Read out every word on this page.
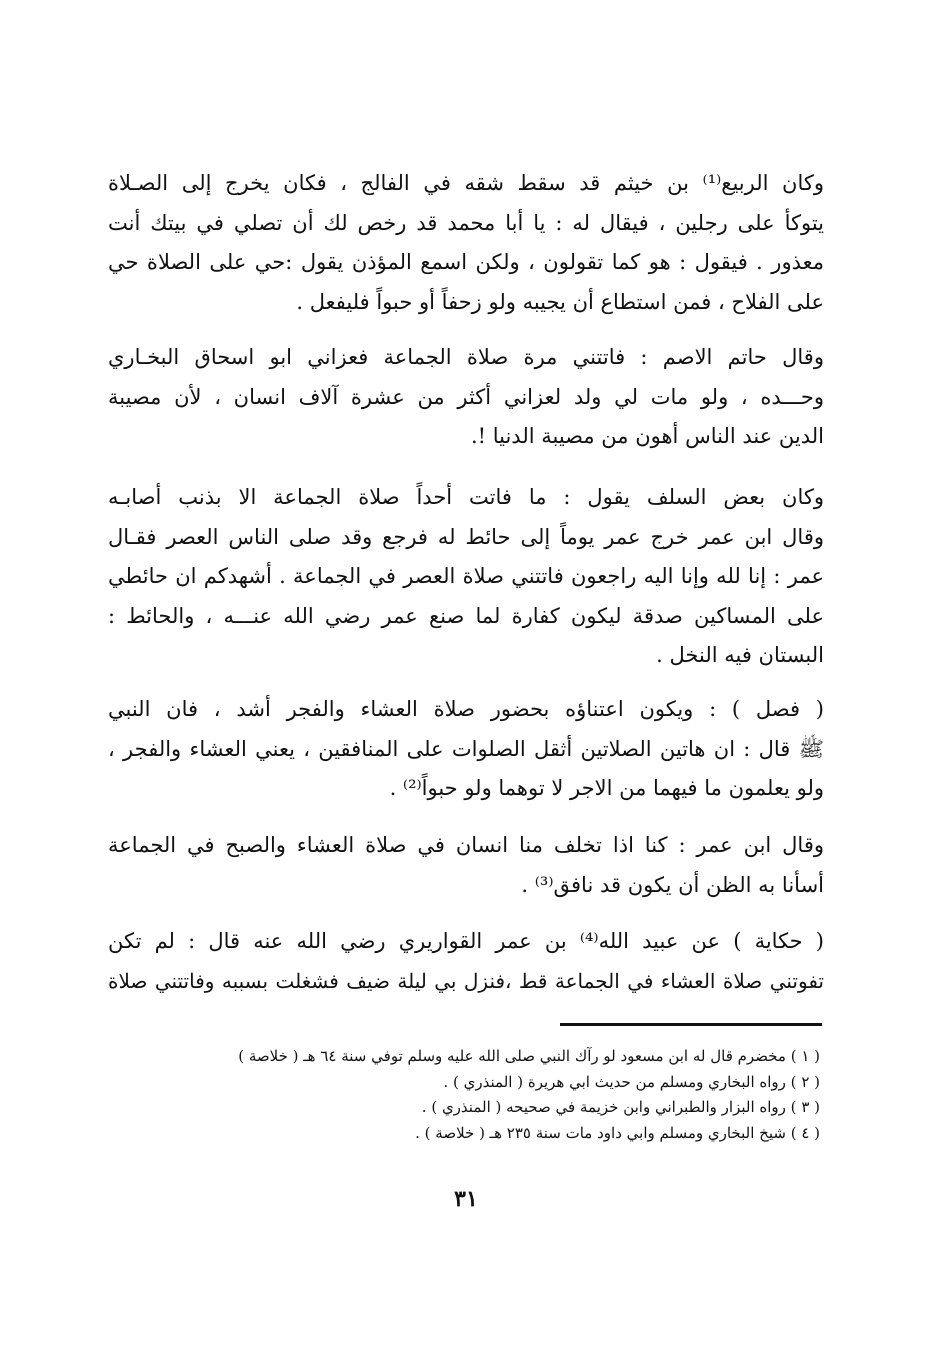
وكان الربيع⁽¹⁾ بن خيثم قد سقط شقه في الفالج ، فكان يخرج إلى الصـلاة
يتوكأ على رجلين ، فيقال له : يا أبا محمد قد رخص لك أن تصلي في بيتك أنت
معذور . فيقول : هو كما تقولون ، ولكن اسمع المؤذن يقول :حي على الصلاة حي
على الفلاح ، فمن استطاع أن يجيبه ولو زحفاً أو حبواً فليفعل .
وقال حاتم الاصم : فاتتني مرة صلاة الجماعة فعزاني ابو اسحاق البخـاري
وحـــده ، ولو مات لي ولد لعزاني أكثر من عشرة آلاف انسان ، لأن مصيبة
الدين عند الناس أهون من مصيبة الدنيا !.
وكان بعض السلف يقول : ما فاتت أحداً صلاة الجماعة الا بذنب أصابـه
وقال ابن عمر خرج عمر يوماً إلى حائط له فرجع وقد صلى الناس العصر فقـال
عمر : إنا لله وإنا اليه راجعون فاتتني صلاة العصر في الجماعة . أشهدكم ان حائطي
على المساكين صدقة ليكون كفارة لما صنع عمر رضي الله عنـــه ، والحائط :
البستان فيه النخل .
( فصل ) : ويكون اعتناؤه بحضور صلاة العشاء والفجر أشد ، فان النبي
ﷺ قال : ان هاتين الصلاتين أثقل الصلوات على المنافقين ، يعني العشاء والفجر ،
ولو يعلمون ما فيهما من الاجر لا توهما ولو حبواً⁽²⁾ .
وقال ابن عمر : كنا اذا تخلف منا انسان في صلاة العشاء والصبح في الجماعة
أسأنا به الظن أن يكون قد نافق⁽³⁾ .
( حكاية ) عن عبيد الله⁽⁴⁾ بن عمر القواريري رضي الله عنه قال : لم تكن
تفوتني صلاة العشاء في الجماعة قط ،فنزل بي ليلة ضيف فشغلت بسببه وفاتتني صلاة
( ١ ) مخضرم قال له ابن مسعود لو رآك النبي صلى الله عليه وسلم توفي سنة ٦٤ هـ ( خلاصة )
( ٢ ) رواه البخاري ومسلم من حديث ابي هريرة ( المنذري ) .
( ٣ ) رواه البزار والطبراني وابن خزيمة في صحيحه ( المنذري ) .
( ٤ ) شيخ البخاري ومسلم وابي داود مات سنة ٢٣٥ هـ ( خلاصة ) .
٣١
